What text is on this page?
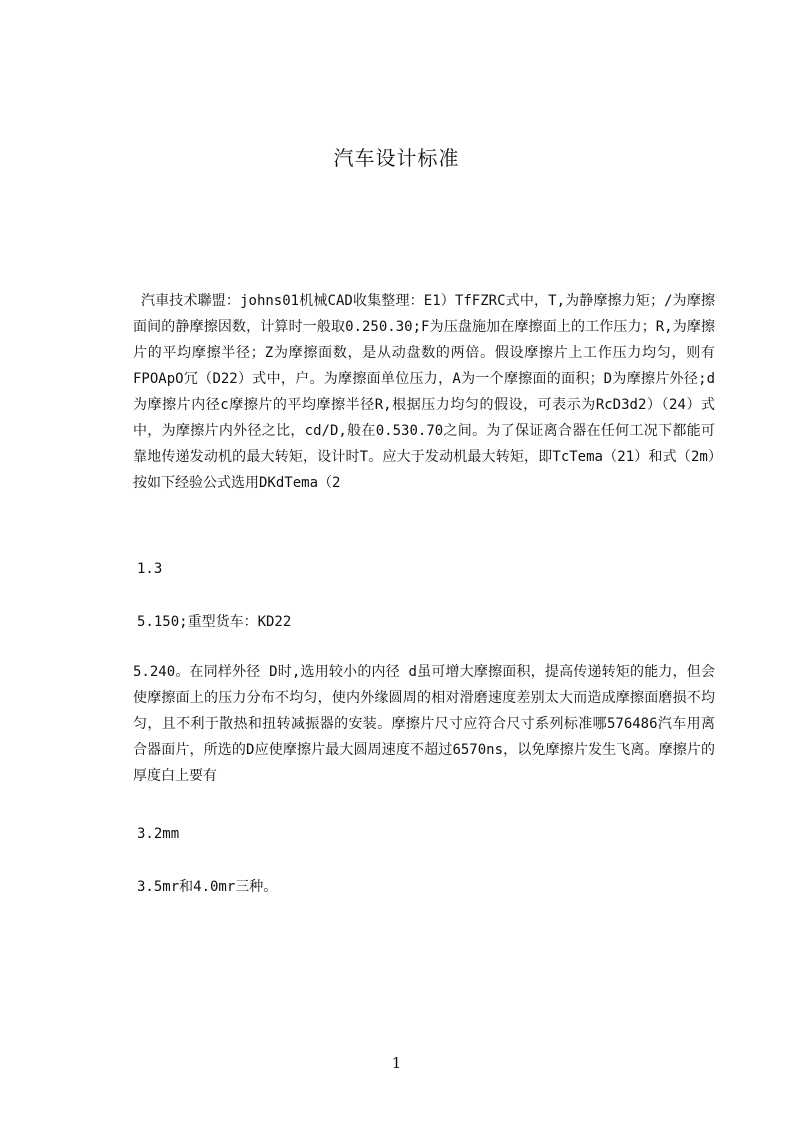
汽车设计标准
汽車技术聯盟：johns01机械CAD收集整理：E1）TfFZRC式中，T,为静摩擦力矩；/为摩擦面间的静摩擦因数，计算时一般取0.250.30;F为压盘施加在摩擦面上的工作压力；R,为摩擦片的平均摩擦半径；Z为摩擦面数，是从动盘数的两倍。假设摩擦片上工作压力均匀，则有FPOApO冗（D22）式中，户。为摩擦面单位压力，A为一个摩擦面的面积；D为摩擦片外径;d为摩擦片内径c摩擦片的平均摩擦半径R,根据压力均匀的假设，可表示为RcD3d2）（24）式中，为摩擦片内外径之比，cd/D,般在0.530.70之间。为了保证离合器在任何工况下都能可靠地传递发动机的最大转矩，设计时T。应大于发动机最大转矩，即TcTema（21）和式（2m）按如下经验公式选用DKdTema（2
1.3
5.150;重型货车：KD22
5.240。在同样外径 D时,选用较小的内径 d虽可增大摩擦面积，提高传递转矩的能力，但会使摩擦面上的压力分布不均匀，使内外缘圆周的相对滑磨速度差别太大而造成摩擦面磨损不均匀，且不利于散热和扭转减振器的安装。摩擦片尺寸应符合尺寸系列标准哪576486汽车用离合器面片，所选的D应使摩擦片最大圆周速度不超过6570ns，以免摩擦片发生飞离。摩擦片的厚度白上要有
3.2mm
3.5mr和4.0mr三种。
1
